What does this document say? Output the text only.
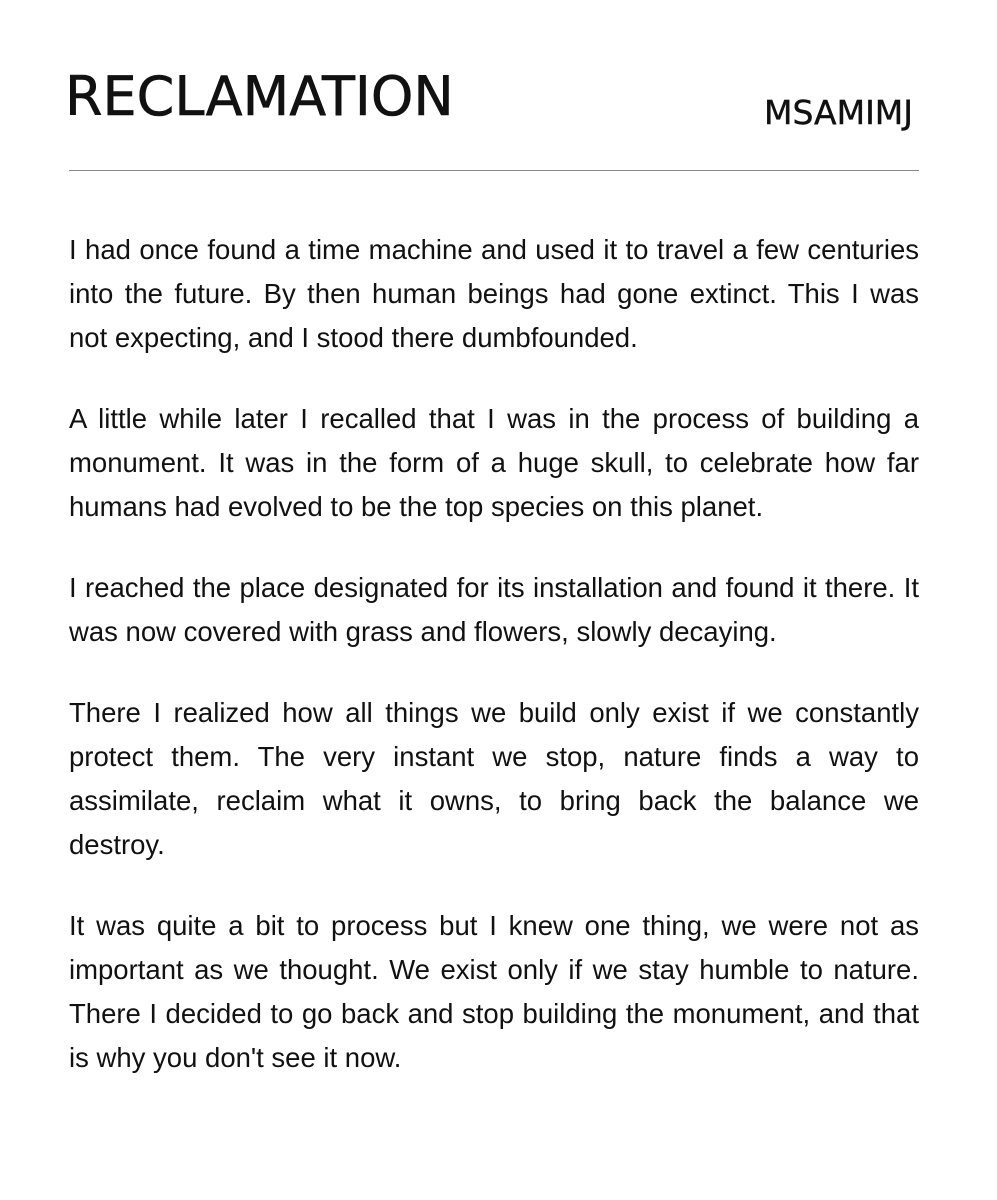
RECLAMATION	MSAMIMJ

I had once found a time machine and used it to travel a few centuries into the future. By then human beings had gone extinct. This I was not expecting, and I stood there dumbfounded.

A little while later I recalled that I was in the process of building a monument. It was in the form of a huge skull, to celebrate how far humans had evolved to be the top species on this planet.

I reached the place designated for its installation and found it there. It was now covered with grass and flowers, slowly decaying.

There I realized how all things we build only exist if we constantly protect them. The very instant we stop, nature finds a way to assimilate, reclaim what it owns, to bring back the balance we destroy.

It was quite a bit to process but I knew one thing, we were not as important as we thought. We exist only if we stay humble to nature. There I decided to go back and stop building the monument, and that is why you don't see it now.
